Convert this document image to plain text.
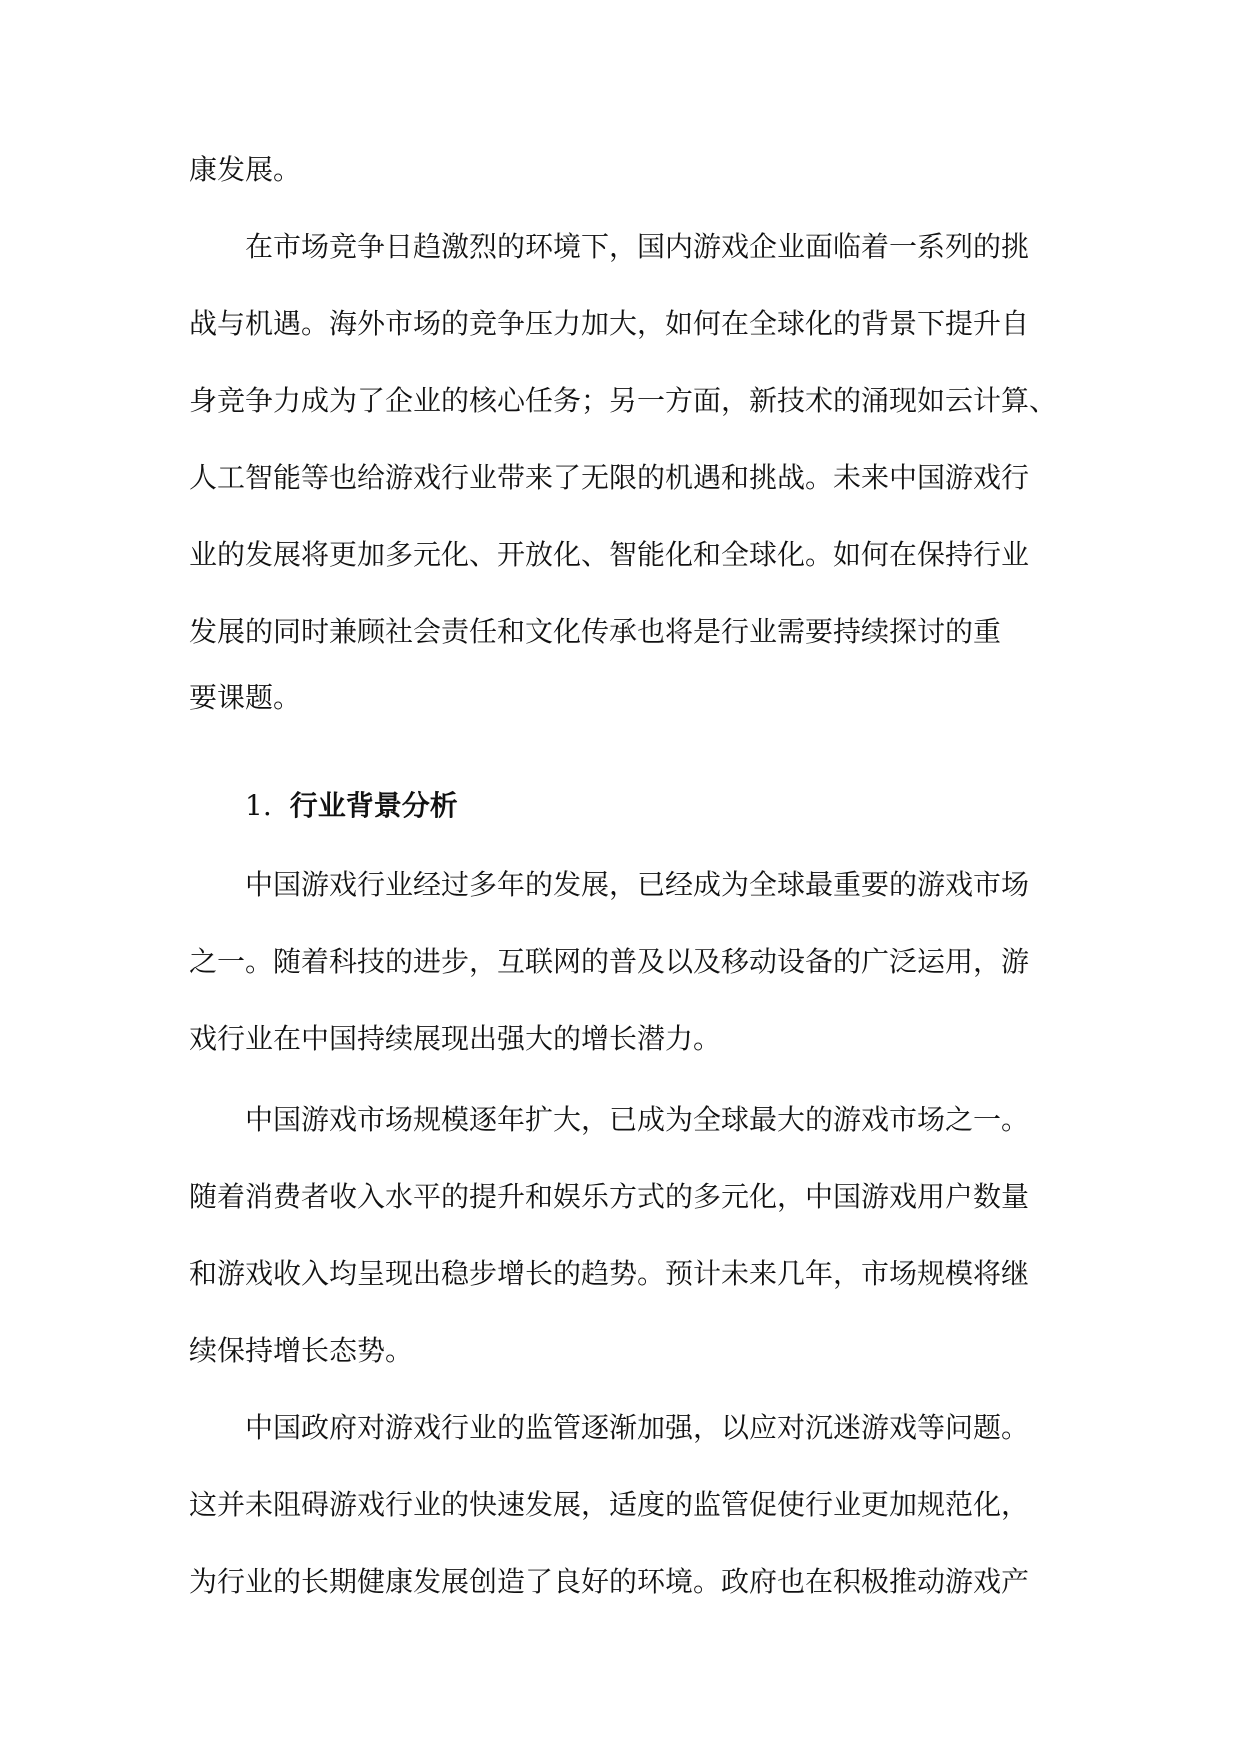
康发展。
在市场竞争日趋激烈的环境下，国内游戏企业面临着一系列的挑
战与机遇。海外市场的竞争压力加大，如何在全球化的背景下提升自
身竞争力成为了企业的核心任务；另一方面，新技术的涌现如云计算、
人工智能等也给游戏行业带来了无限的机遇和挑战。未来中国游戏行
业的发展将更加多元化、开放化、智能化和全球化。如何在保持行业
发展的同时兼顾社会责任和文化传承也将是行业需要持续探讨的重
要课题。
1. 行业背景分析
中国游戏行业经过多年的发展，已经成为全球最重要的游戏市场
之一。随着科技的进步，互联网的普及以及移动设备的广泛运用，游
戏行业在中国持续展现出强大的增长潜力。
中国游戏市场规模逐年扩大，已成为全球最大的游戏市场之一。
随着消费者收入水平的提升和娱乐方式的多元化，中国游戏用户数量
和游戏收入均呈现出稳步增长的趋势。预计未来几年，市场规模将继
续保持增长态势。
中国政府对游戏行业的监管逐渐加强，以应对沉迷游戏等问题。
这并未阻碍游戏行业的快速发展，适度的监管促使行业更加规范化，
为行业的长期健康发展创造了良好的环境。政府也在积极推动游戏产
